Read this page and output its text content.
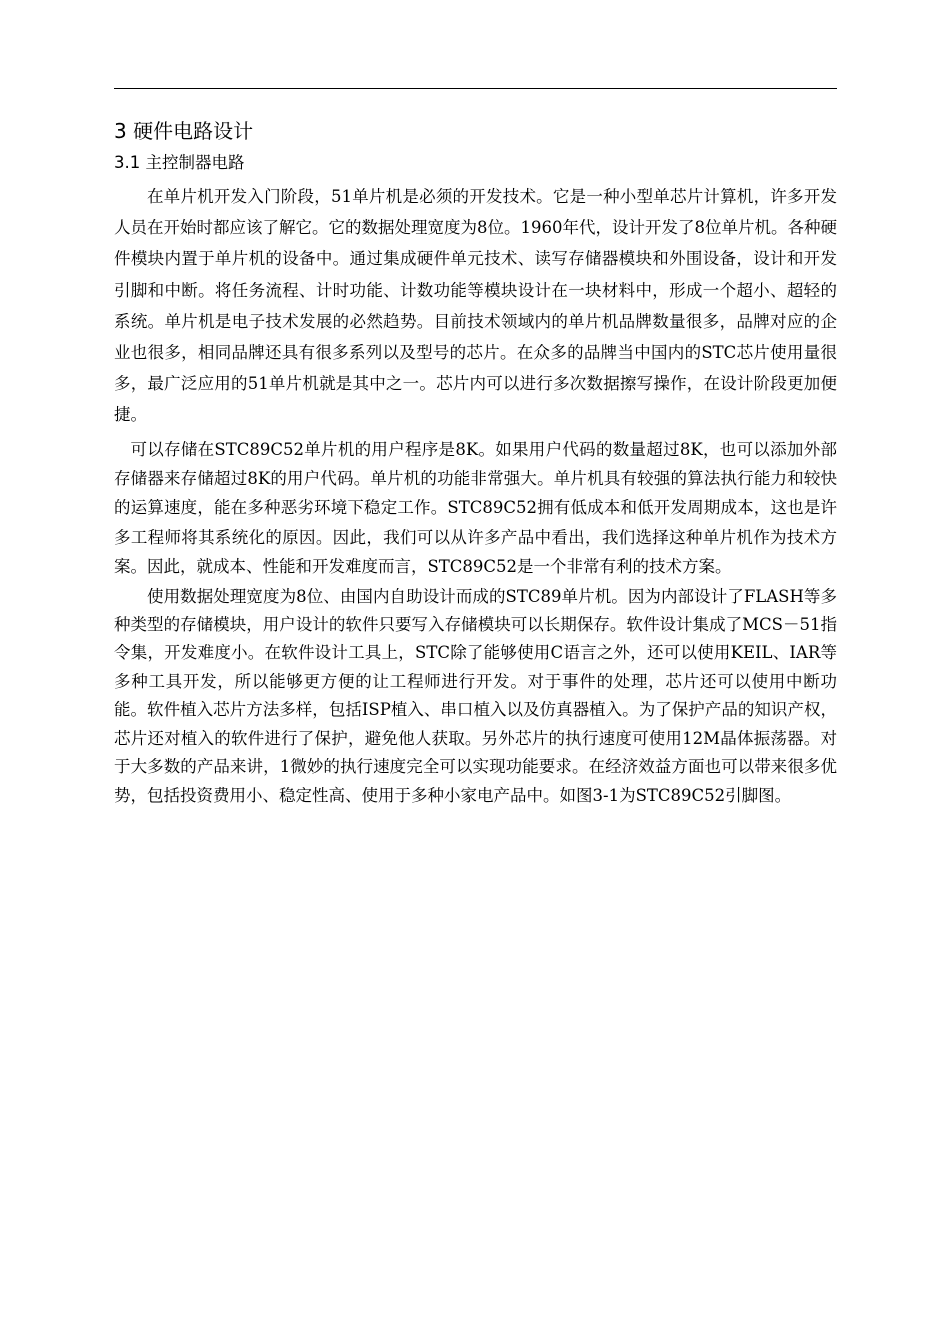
3 硬件电路设计
3.1 主控制器电路

在单片机开发入门阶段，51单片机是必须的开发技术。它是一种小型单芯片计算机，许多开发人员在开始时都应该了解它。它的数据处理宽度为8位。1960年代，设计开发了8位单片机。各种硬件模块内置于单片机的设备中。通过集成硬件单元技术、读写存储器模块和外围设备，设计和开发引脚和中断。将任务流程、计时功能、计数功能等模块设计在一块材料中，形成一个超小、超轻的系统。单片机是电子技术发展的必然趋势。目前技术领域内的单片机品牌数量很多，品牌对应的企业也很多，相同品牌还具有很多系列以及型号的芯片。在众多的品牌当中国内的STC芯片使用量很多，最广泛应用的51单片机就是其中之一。芯片内可以进行多次数据擦写操作，在设计阶段更加便捷。

可以存储在STC89C52单片机的用户程序是8K。如果用户代码的数量超过8K，也可以添加外部存储器来存储超过8K的用户代码。单片机的功能非常强大。单片机具有较强的算法执行能力和较快的运算速度，能在多种恶劣环境下稳定工作。STC89C52拥有低成本和低开发周期成本，这也是许多工程师将其系统化的原因。因此，我们可以从许多产品中看出，我们选择这种单片机作为技术方案。因此，就成本、性能和开发难度而言，STC89C52是一个非常有利的技术方案。

使用数据处理宽度为8位、由国内自助设计而成的STC89单片机。因为内部设计了FLASH等多种类型的存储模块，用户设计的软件只要写入存储模块可以长期保存。软件设计集成了MCS－51指令集，开发难度小。在软件设计工具上，STC除了能够使用C语言之外，还可以使用KEIL、IAR等多种工具开发，所以能够更方便的让工程师进行开发。对于事件的处理，芯片还可以使用中断功能。软件植入芯片方法多样，包括ISP植入、串口植入以及仿真器植入。为了保护产品的知识产权，芯片还对植入的软件进行了保护，避免他人获取。另外芯片的执行速度可使用12M晶体振荡器。对于大多数的产品来讲，1微妙的执行速度完全可以实现功能要求。在经济效益方面也可以带来很多优势，包括投资费用小、稳定性高、使用于多种小家电产品中。如图3-1为STC89C52引脚图。
